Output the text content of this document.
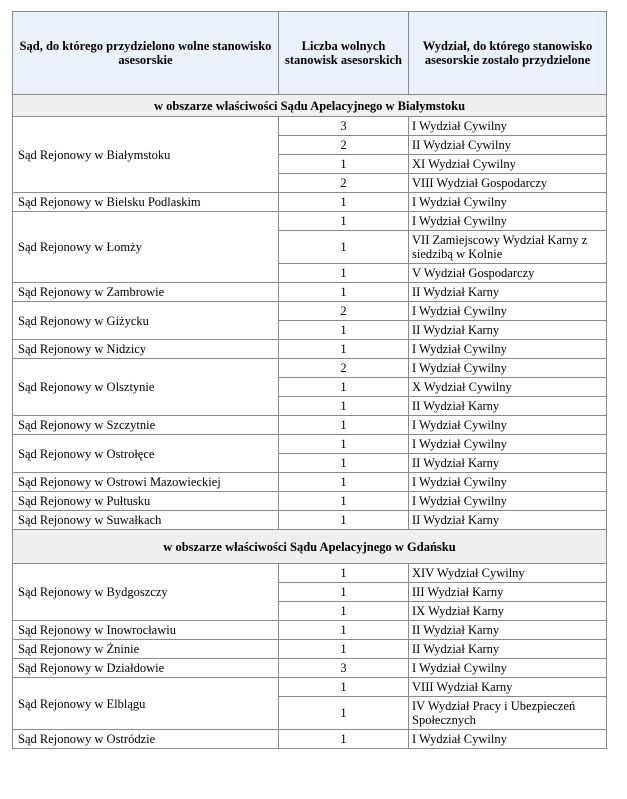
Sąd, do którego przydzielono wolne stanowisko asesorskie	Liczba wolnych stanowisk asesorskich	Wydział, do którego stanowisko asesorskie zostało przydzielone
w obszarze właściwości Sądu Apelacyjnego w Białymstoku		
Sąd Rejonowy w Białymstoku	3	I Wydział Cywilny
	2	II Wydział Cywilny
	1	XI Wydział Cywilny
	2	VIII Wydział Gospodarczy
Sąd Rejonowy w Bielsku Podlaskim	1	I Wydział Cywilny
Sąd Rejonowy w Łomży	1	I Wydział Cywilny
	1	VII Zamiejscowy Wydział Karny z siedzibą w Kolnie
	1	V Wydział Gospodarczy
Sąd Rejonowy w Zambrowie	1	II Wydział Karny
Sąd Rejonowy w Giżycku	2	I Wydział Cywilny
	1	II Wydział Karny
Sąd Rejonowy w Nidzicy	1	I Wydział Cywilny
Sąd Rejonowy w Olsztynie	2	I Wydział Cywilny
	1	X Wydział Cywilny
	1	II Wydział Karny
Sąd Rejonowy w Szczytnie	1	I Wydział Cywilny
Sąd Rejonowy w Ostrołęce	1	I Wydział Cywilny
	1	II Wydział Karny
Sąd Rejonowy w Ostrowi Mazowieckiej	1	I Wydział Cywilny
Sąd Rejonowy w Pułtusku	1	I Wydział Cywilny
Sąd Rejonowy w Suwałkach	1	II Wydział Karny
w obszarze właściwości Sądu Apelacyjnego w Gdańsku		
Sąd Rejonowy w Bydgoszczy	1	XIV Wydział Cywilny
	1	III Wydział Karny
	1	IX Wydział Karny
Sąd Rejonowy w Inowrocławiu	1	II Wydział Karny
Sąd Rejonowy w Żninie	1	II Wydział Karny
Sąd Rejonowy w Działdowie	3	I Wydział Cywilny
Sąd Rejonowy w Elblągu	1	VIII Wydział Karny
	1	IV Wydział Pracy i Ubezpieczeń Społecznych
Sąd Rejonowy w Ostródzie	1	I Wydział Cywilny
